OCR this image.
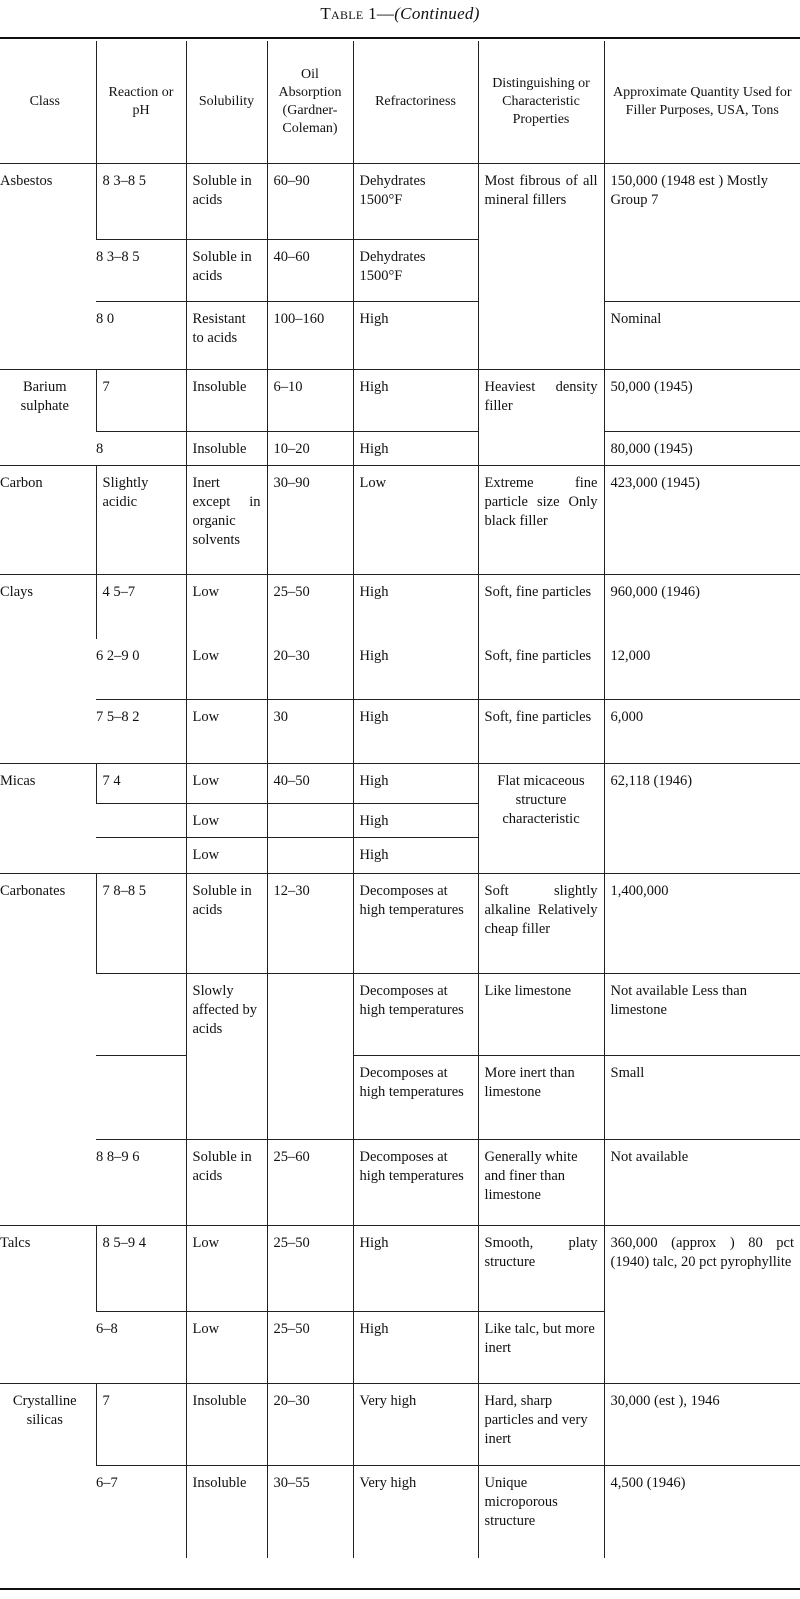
Table 1—(Continued)
Class	Reaction or pH	Solubility	Oil Absorption (Gardner-Coleman)	Refractoriness	Distinguishing or Characteristic Properties	Approximate Quantity Used for Filler Purposes, USA, Tons
Asbestos	8 3–8 5	Soluble in acids	60–90	Dehydrates 1500°F	Most fibrous of all mineral fillers	150,000 (1948 est ) Mostly Group 7
	8 3–8 5	Soluble in acids	40–60	Dehydrates 1500°F		
	8 0	Resistant to acids	100–160	High		Nominal
Barium sulphate	7	Insoluble	6–10	High	Heaviest density filler	50,000 (1945)
	8	Insoluble	10–20	High		80,000 (1945)
Carbon	Slightly acidic	Inert except in organic solvents	30–90	Low	Extreme fine particle size Only black filler	423,000 (1945)
Clays	4 5–7	Low	25–50	High	Soft, fine particles	960,000 (1946)
	6 2–9 0	Low	20–30	High	Soft, fine particles	12,000
	7 5–8 2	Low	30	High	Soft, fine particles	6,000
Micas	7 4	Low	40–50	High	Flat micaceous structure characteristic	62,118 (1946)
		Low		High		
		Low		High		
Carbonates	7 8–8 5	Soluble in acids	12–30	Decomposes at high temperatures	Soft slightly alkaline Relatively cheap filler	1,400,000
		Slowly affected by acids		Decomposes at high temperatures	Like limestone	Not available Less than limestone
				Decomposes at high temperatures	More inert than limestone	Small
	8 8–9 6	Soluble in acids	25–60	Decomposes at high temperatures	Generally white and finer than limestone	Not available
Talcs	8 5–9 4	Low	25–50	High	Smooth, platy structure	360,000 (approx ) 80 pct (1940) talc, 20 pct pyrophyllite
	6–8	Low	25–50	High	Like talc, but more inert	
Crystalline silicas	7	Insoluble	20–30	Very high	Hard, sharp particles and very inert	30,000 (est ), 1946
	6–7	Insoluble	30–55	Very high	Unique microporous structure	4,500 (1946)
